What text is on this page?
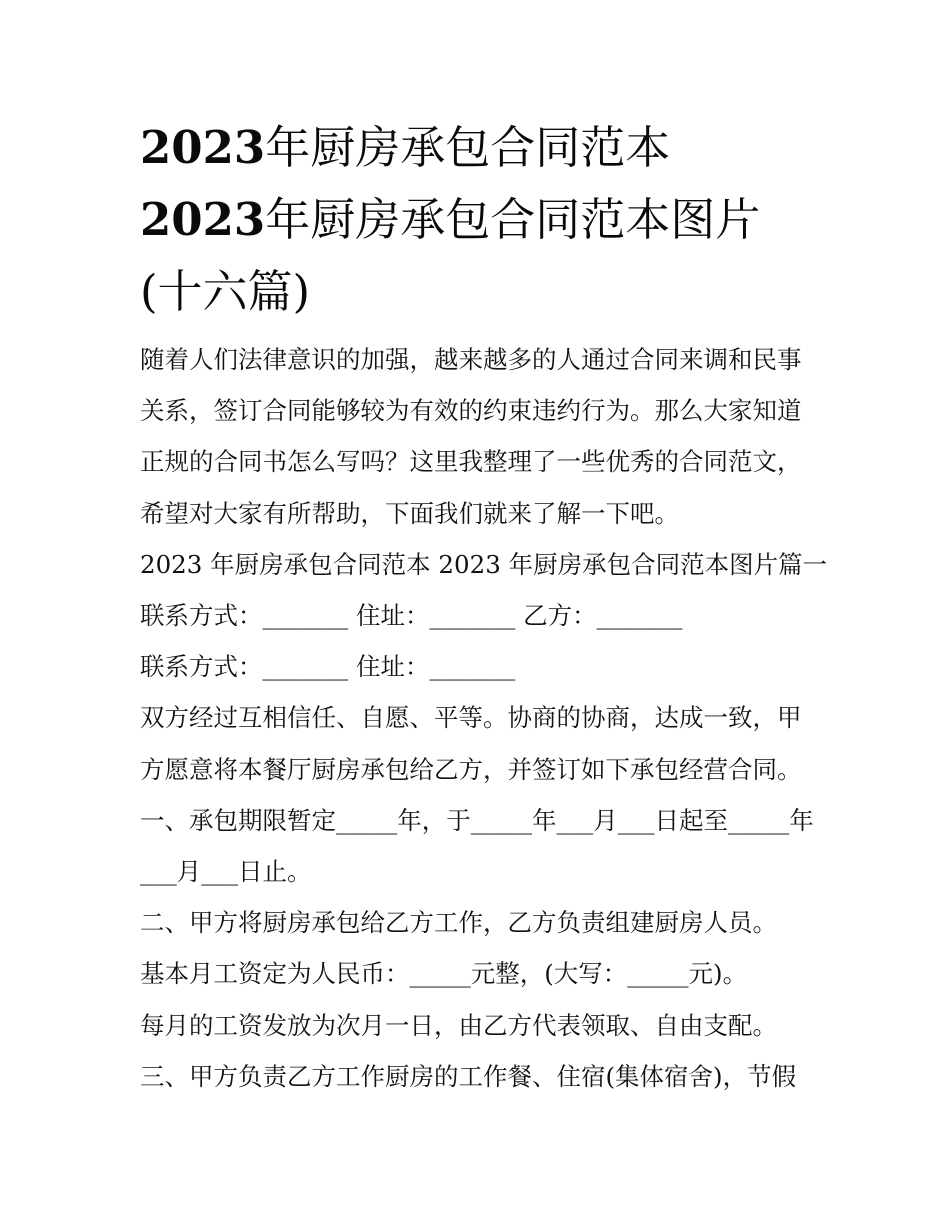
2023年厨房承包合同范本
2023年厨房承包合同范本图片
(十六篇)
随着人们法律意识的加强，越来越多的人通过合同来调和民事
关系，签订合同能够较为有效的约束违约行为。那么大家知道
正规的合同书怎么写吗？这里我整理了一些优秀的合同范文，
希望对大家有所帮助，下面我们就来了解一下吧。
2023 年厨房承包合同范本 2023 年厨房承包合同范本图片篇一
联系方式：_______ 住址：_______ 乙方：_______
联系方式：_______ 住址：_______
双方经过互相信任、自愿、平等。协商的协商，达成一致，甲
方愿意将本餐厅厨房承包给乙方，并签订如下承包经营合同。
一、承包期限暂定_____年，于_____年___月___日起至_____年
___月___日止。
二、甲方将厨房承包给乙方工作，乙方负责组建厨房人员。
基本月工资定为人民币：_____元整，(大写：_____元)。
每月的工资发放为次月一日，由乙方代表领取、自由支配。
三、甲方负责乙方工作厨房的工作餐、住宿(集体宿舍)，节假
